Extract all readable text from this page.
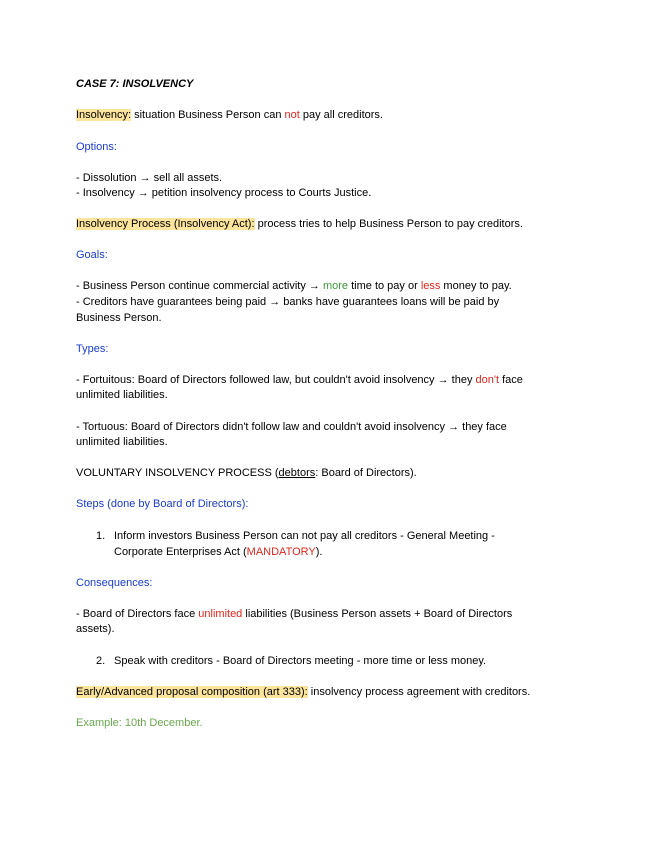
CASE 7: INSOLVENCY
Insolvency: situation Business Person can not pay all creditors.
Options:
- Dissolution → sell all assets.
- Insolvency → petition insolvency process to Courts Justice.
Insolvency Process (Insolvency Act): process tries to help Business Person to pay creditors.
Goals:
- Business Person continue commercial activity → more time to pay or less money to pay.
- Creditors have guarantees being paid → banks have guarantees loans will be paid by
Business Person.
Types:
- Fortuitous: Board of Directors followed law, but couldn't avoid insolvency → they don't face
unlimited liabilities.
- Tortuous: Board of Directors didn't follow law and couldn't avoid insolvency → they face
unlimited liabilities.
VOLUNTARY INSOLVENCY PROCESS (debtors: Board of Directors).
Steps (done by Board of Directors):
1. Inform investors Business Person can not pay all creditors - General Meeting -
Corporate Enterprises Act (MANDATORY).
Consequences:
- Board of Directors face unlimited liabilities (Business Person assets + Board of Directors
assets).
2. Speak with creditors - Board of Directors meeting - more time or less money.
Early/Advanced proposal composition (art 333): insolvency process agreement with creditors.
Example: 10th December.
